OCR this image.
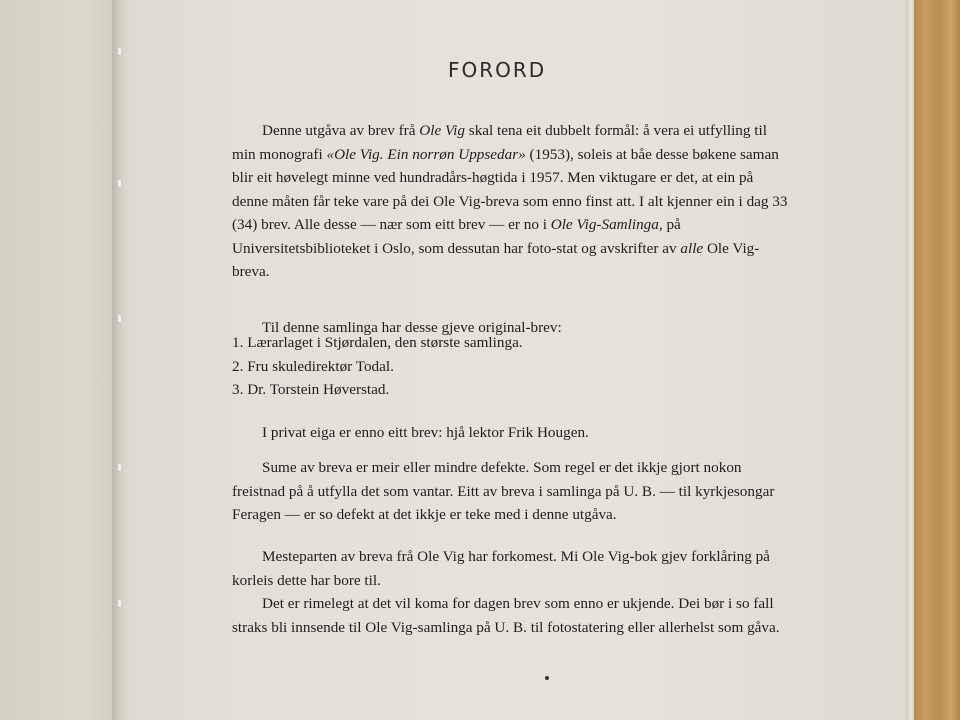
FORORD

Denne utgåva av brev frå Ole Vig skal tena eit dubbelt formål: å vera ei utfylling til min monografi «Ole Vig. Ein norrøn Uppsedar» (1953), soleis at båe desse bøkene saman blir eit høvelegt minne ved hundradårs-høgtida i 1957. Men viktugare er det, at ein på denne måten får teke vare på dei Ole Vig-breva som enno finst att. I alt kjenner ein i dag 33 (34) brev. Alle desse — nær som eitt brev — er no i Ole Vig-Samlinga, på Universitetsbiblioteket i Oslo, som dessutan har foto-stat og avskrifter av alle Ole Vig-breva.

Til denne samlinga har desse gjeve original-brev:

1. Lærarlaget i Stjørdalen, den største samlinga.
2. Fru skuledirektør Todal.
3. Dr. Torstein Høverstad.

I privat eiga er enno eitt brev: hjå lektor Frik Hougen.

Sume av breva er meir eller mindre defekte. Som regel er det ikkje gjort nokon freistnad på å utfylla det som vantar. Eitt av breva i samlinga på U. B. — til kyrkjesongar Feragen — er so defekt at det ikkje er teke med i denne utgåva.

Mesteparten av breva frå Ole Vig har forkomest. Mi Ole Vig-bok gjev forklåring på korleis dette har bore til.

Det er rimelegt at det vil koma for dagen brev som enno er ukjende. Dei bør i so fall straks bli innsende til Ole Vig-samlinga på U. B. til fotostatering eller allerhelst som gåva.
